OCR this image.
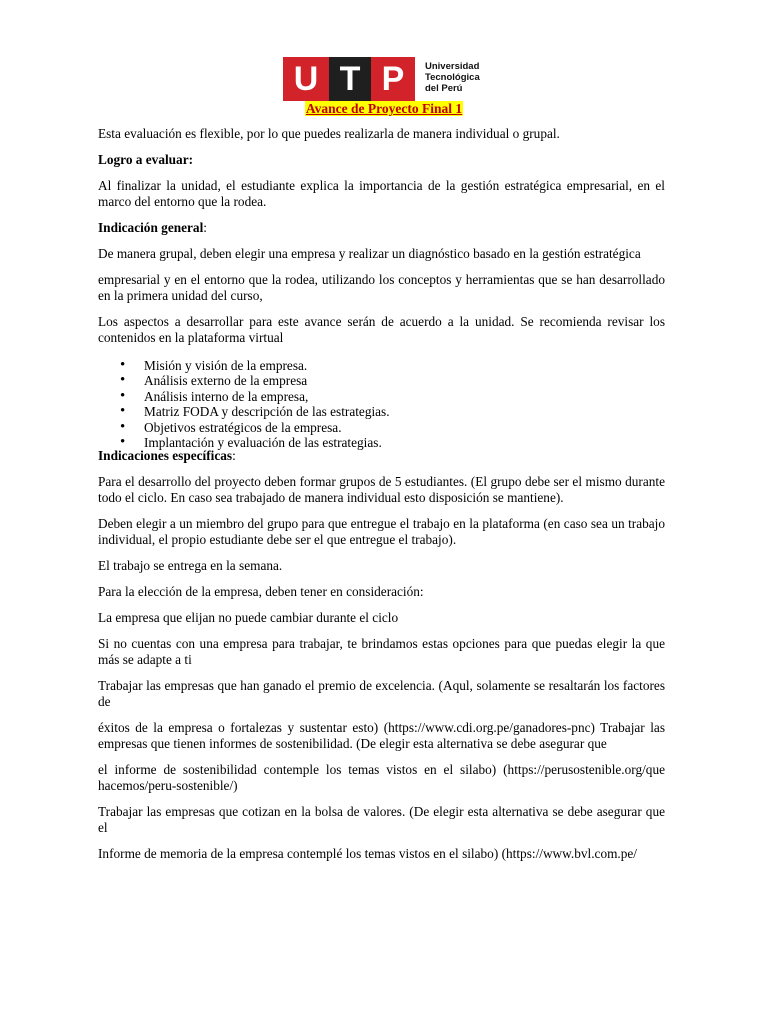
U T P	Universidad
Tecnológica
del Perú
Avance de Proyecto Final 1

Esta evaluación es flexible, por lo que puedes realizarla de manera individual o grupal.

Logro a evaluar:

Al finalizar la unidad, el estudiante explica la importancia de la gestión estratégica empresarial, en el marco del entorno que la rodea.

Indicación general:

De manera grupal, deben elegir una empresa y realizar un diagnóstico basado en la gestión estratégica

empresarial y en el entorno que la rodea, utilizando los conceptos y herramientas que se han desarrollado en la primera unidad del curso,

Los aspectos a desarrollar para este avance serán de acuerdo a la unidad. Se recomienda revisar los contenidos en la plataforma virtual

• Misión y visión de la empresa.
• Análisis externo de la empresa
• Análisis interno de la empresa,
• Matriz FODA y descripción de las estrategias.
• Objetivos estratégicos de la empresa.
• Implantación y evaluación de las estrategias.

Indicaciones específicas:

Para el desarrollo del proyecto deben formar grupos de 5 estudiantes. (El grupo debe ser el mismo durante todo el ciclo. En caso sea trabajado de manera individual esto disposición se mantiene).

Deben elegir a un miembro del grupo para que entregue el trabajo en la plataforma (en caso sea un trabajo individual, el propio estudiante debe ser el que entregue el trabajo).

El trabajo se entrega en la semana.

Para la elección de la empresa, deben tener en consideración:

La empresa que elijan no puede cambiar durante el ciclo

Si no cuentas con una empresa para trabajar, te brindamos estas opciones para que puedas elegir la que más se adapte a ti

Trabajar las empresas que han ganado el premio de excelencia. (Aqul, solamente se resaltarán los factores de

éxitos de la empresa o fortalezas y sustentar esto) (https://www.cdi.org.pe/ganadores-pnc) Trabajar las empresas que tienen informes de sostenibilidad. (De elegir esta alternativa se debe asegurar que

el informe de sostenibilidad contemple los temas vistos en el silabo) (https://perusostenible.org/que hacemos/peru-sostenible/)

Trabajar las empresas que cotizan en la bolsa de valores. (De elegir esta alternativa se debe asegurar que el

Informe de memoria de la empresa contemplé los temas vistos en el silabo) (https://www.bvl.com.pe/
